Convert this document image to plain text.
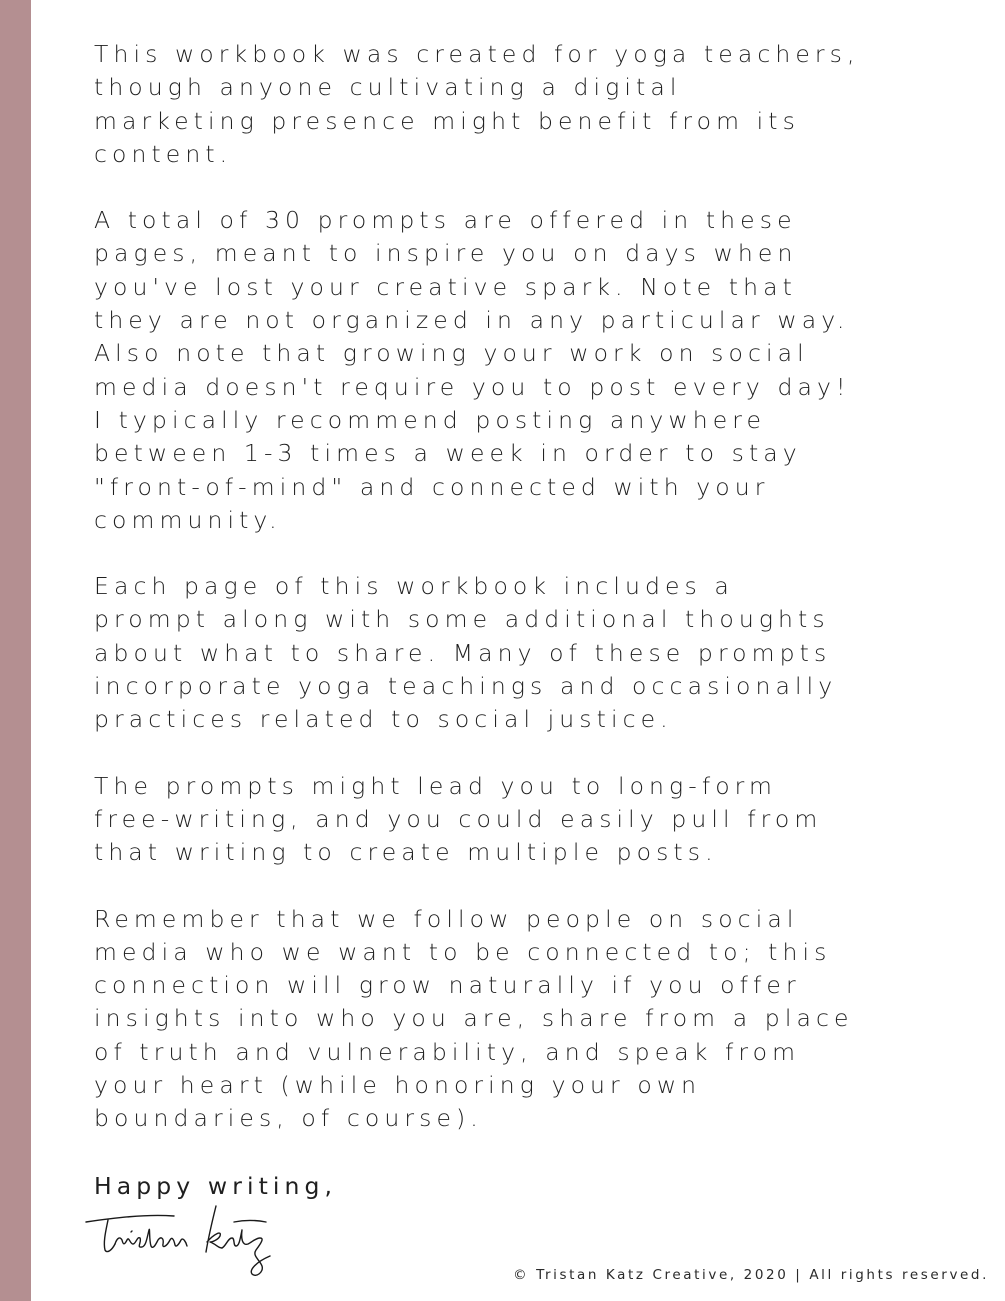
This workbook was created for yoga teachers,
though anyone cultivating a digital
marketing presence might benefit from its
content.

A total of 30 prompts are offered in these
pages, meant to inspire you on days when
you've lost your creative spark. Note that
they are not organized in any particular way.
Also note that growing your work on social
media doesn't require you to post every day!
I typically recommend posting anywhere
between 1-3 times a week in order to stay
"front-of-mind" and connected with your
community.

Each page of this workbook includes a
prompt along with some additional thoughts
about what to share. Many of these prompts
incorporate yoga teachings and occasionally
practices related to social justice.

The prompts might lead you to long-form
free-writing, and you could easily pull from
that writing to create multiple posts.

Remember that we follow people on social
media who we want to be connected to; this
connection will grow naturally if you offer
insights into who you are, share from a place
of truth and vulnerability, and speak from
your heart (while honoring your own
boundaries, of course).

Happy writing,

© Tristan Katz Creative, 2020 | All rights reserved.
